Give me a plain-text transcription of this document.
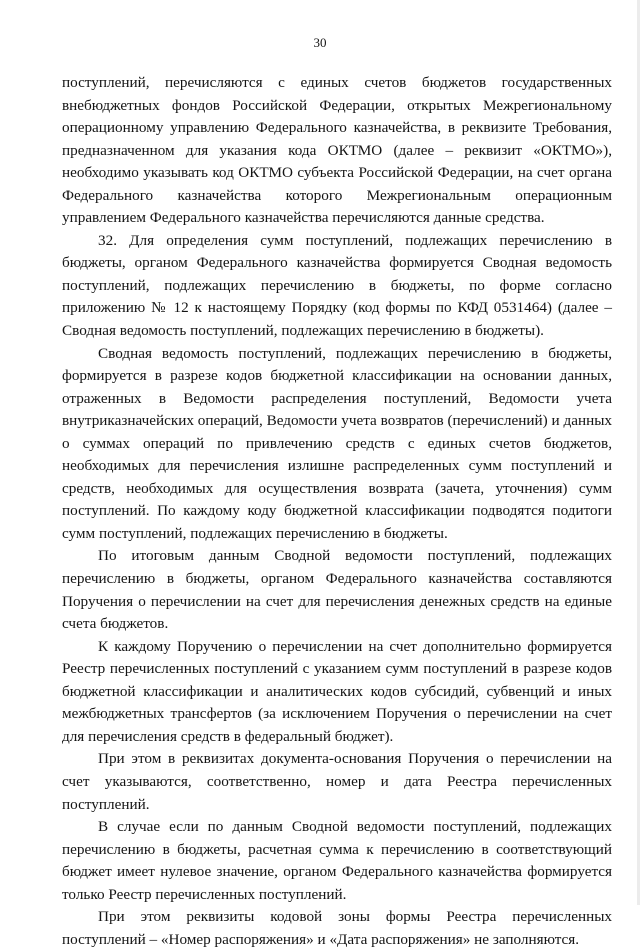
30

поступлений, перечисляются с единых счетов бюджетов государственных внебюджетных фондов Российской Федерации, открытых Межрегиональному операционному управлению Федерального казначейства, в реквизите Требования, предназначенном для указания кода ОКТМО (далее – реквизит «ОКТМО»), необходимо указывать код ОКТМО субъекта Российской Федерации, на счет органа Федерального казначейства которого Межрегиональным операционным управлением Федерального казначейства перечисляются данные средства.

32. Для определения сумм поступлений, подлежащих перечислению в бюджеты, органом Федерального казначейства формируется Сводная ведомость поступлений, подлежащих перечислению в бюджеты, по форме согласно приложению № 12 к настоящему Порядку (код формы по КФД 0531464) (далее – Сводная ведомость поступлений, подлежащих перечислению в бюджеты).

Сводная ведомость поступлений, подлежащих перечислению в бюджеты, формируется в разрезе кодов бюджетной классификации на основании данных, отраженных в Ведомости распределения поступлений, Ведомости учета внутриказначейских операций, Ведомости учета возвратов (перечислений) и данных о суммах операций по привлечению средств с единых счетов бюджетов, необходимых для перечисления излишне распределенных сумм поступлений и средств, необходимых для осуществления возврата (зачета, уточнения) сумм поступлений. По каждому коду бюджетной классификации подводятся подитоги сумм поступлений, подлежащих перечислению в бюджеты.

По итоговым данным Сводной ведомости поступлений, подлежащих перечислению в бюджеты, органом Федерального казначейства составляются Поручения о перечислении на счет для перечисления денежных средств на единые счета бюджетов.

К каждому Поручению о перечислении на счет дополнительно формируется Реестр перечисленных поступлений с указанием сумм поступлений в разрезе кодов бюджетной классификации и аналитических кодов субсидий, субвенций и иных межбюджетных трансфертов (за исключением Поручения о перечислении на счет для перечисления средств в федеральный бюджет).

При этом в реквизитах документа-основания Поручения о перечислении на счет указываются, соответственно, номер и дата Реестра перечисленных поступлений.

В случае если по данным Сводной ведомости поступлений, подлежащих перечислению в бюджеты, расчетная сумма к перечислению в соответствующий бюджет имеет нулевое значение, органом Федерального казначейства формируется только Реестр перечисленных поступлений.

При этом реквизиты кодовой зоны формы Реестра перечисленных поступлений – «Номер распоряжения» и «Дата распоряжения» не заполняются.
